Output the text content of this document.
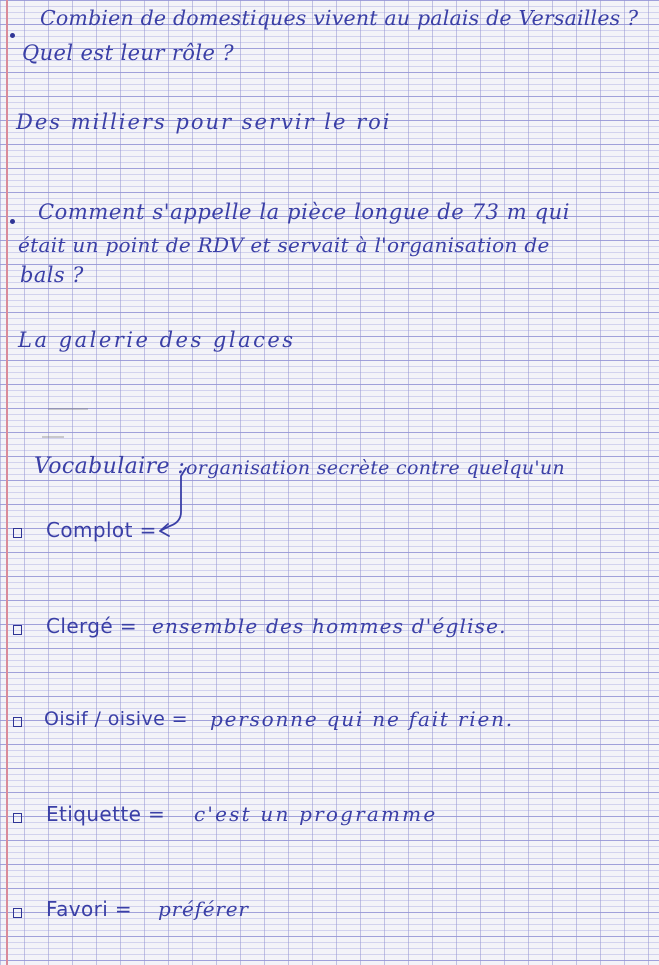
Combien de domestiques vivent au palais de Versailles ?
Quel est leur rôle ?
Des milliers pour servir le roi
Comment s'appelle la pièce longue de 73 m qui
était un point de RDV et servait à l'organisation de
bals ?
La galerie des glaces
Vocabulaire : organisation secrète contre quelqu'un
Complot =
Clergé = ensemble des hommes d'église.
Oisif / oisive = personne qui ne fait rien.
Etiquette = c'est un programme
Favori = préférer
